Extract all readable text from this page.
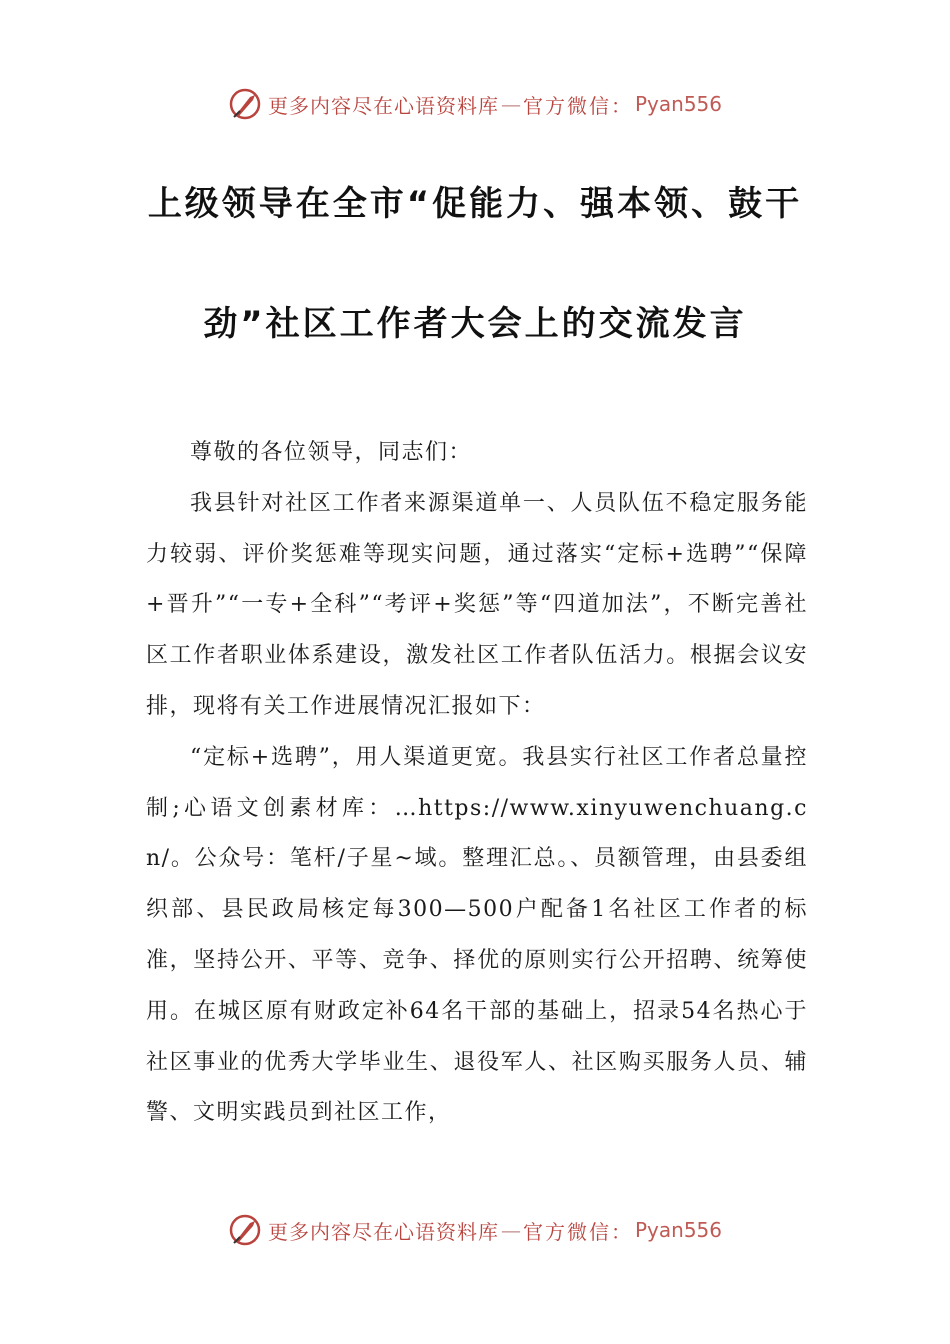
更多内容尽在心语资料库 — 官方微信： Pyan556
上级领导在全市“促能力、强本领、鼓干
劲”社区工作者大会上的交流发言

尊敬的各位领导，同志们：

我县针对社区工作者来源渠道单一、人员队伍不稳定服务能力较弱、评价奖惩难等现实问题，通过落实“定标+选聘”“保障+晋升”“一专+全科”“考评+奖惩”等“四道加法”，不断完善社区工作者职业体系建设，激发社区工作者队伍活力。根据会议安排，现将有关工作进展情况汇报如下：

“定标+选聘”，用人渠道更宽。我县实行社区工作者总量控制;心语文创素材库：…https://www.xinyuwenchuang.cn/。公众号：笔杆/子星~域。整理汇总。、员额管理，由县委组织部、县民政局核定每300—500户配备1名社区工作者的标准，坚持公开、平等、竞争、择优的原则实行公开招聘、统筹使用。在城区原有财政定补64名干部的基础上，招录54名热心于社区事业的优秀大学毕业生、退役军人、社区购买服务人员、辅警、文明实践员到社区工作，

更多内容尽在心语资料库 — 官方微信： Pyan556
